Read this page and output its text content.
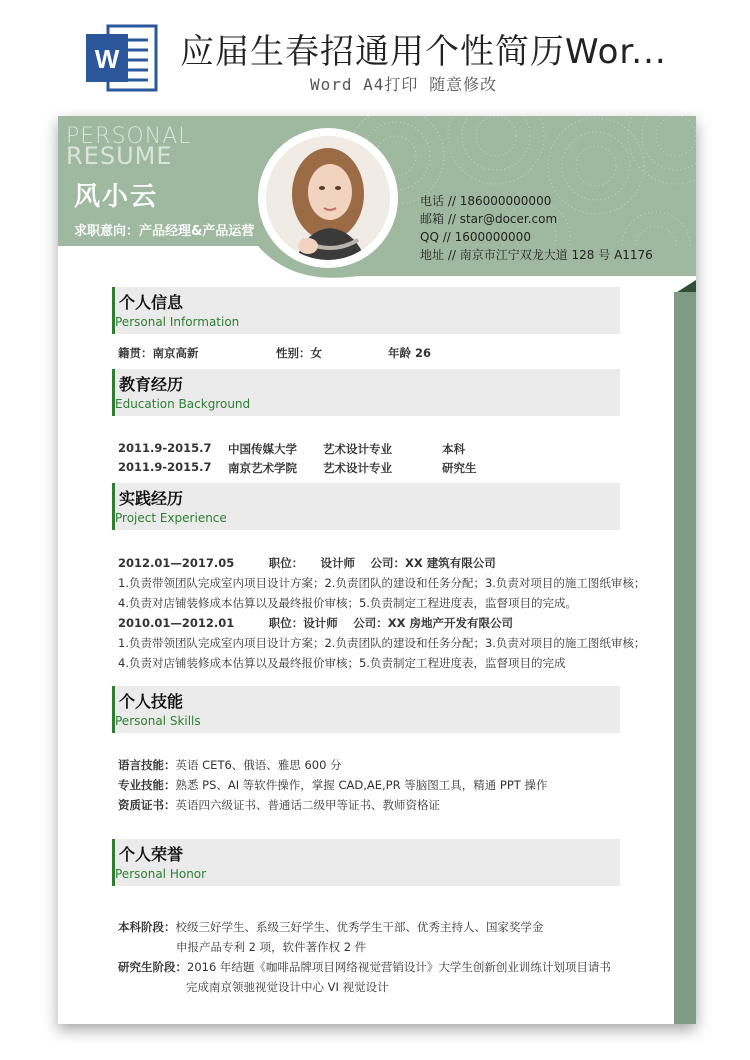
W 应届生春招通用个性简历Wor...
Word A4打印 随意修改
PERSONAL
RESUME
风小云
求职意向：产品经理&产品运营
电话 // 186000000000
邮箱 // star@docer.com
QQ // 1600000000
地址 // 南京市江宁双龙大道 128 号 A1176
个人信息
Personal Information
籍贯：南京高新	性别：女	年龄 26
教育经历
Education Background
2011.9-2015.7 中国传媒大学 艺术设计专业	本科
2011.9-2015.7 南京艺术学院 艺术设计专业	研究生
实践经历
Project Experience
2012.01—2017.05　　　职位：　　设计师　 公司：XX 建筑有限公司
1.负责带领团队完成室内项目设计方案；2.负责团队的建设和任务分配；3.负责对项目的施工图纸审核；
4.负责对店铺装修成本估算以及最终报价审核；5.负责制定工程进度表，监督项目的完成。
2010.01—2012.01　　　职位：设计师　 公司：XX 房地产开发有限公司
1.负责带领团队完成室内项目设计方案；2.负责团队的建设和任务分配；3.负责对项目的施工图纸审核；
4.负责对店铺装修成本估算以及最终报价审核；5.负责制定工程进度表，监督项目的完成
个人技能
Personal Skills
语言技能：英语 CET6、俄语、雅思 600 分
专业技能：熟悉 PS、AI 等软件操作，掌握 CAD,AE,PR 等脑图工具，精通 PPT 操作
资质证书：英语四六级证书、普通话二级甲等证书、教师资格证
个人荣誉
Personal Honor
本科阶段：校级三好学生、系级三好学生、优秀学生干部、优秀主持人、国家奖学金
申报产品专利 2 项，软件著作权 2 件
研究生阶段：2016 年结题《咖啡品牌项目网络视觉营销设计》大学生创新创业训练计划项目请书
完成南京领驰视觉设计中心 VI 视觉设计
